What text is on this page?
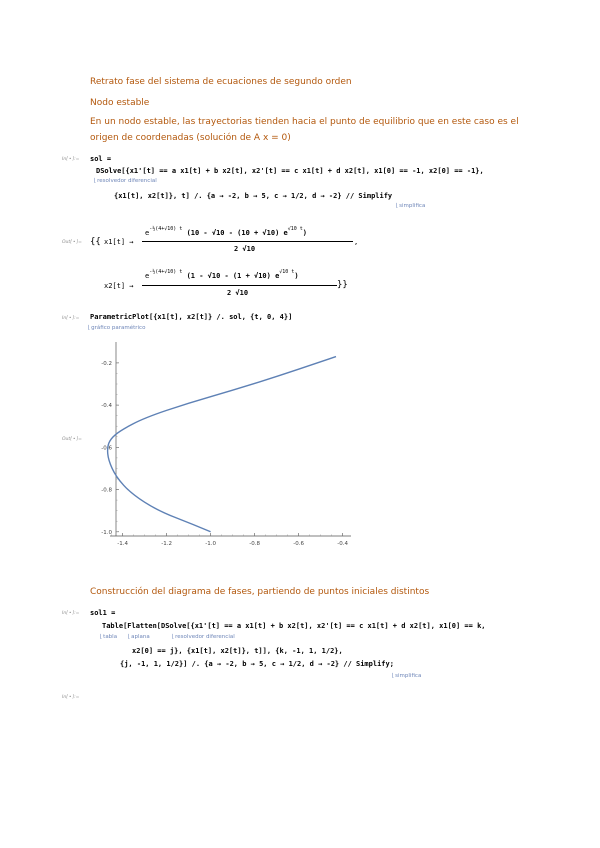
Retrato fase del sistema de ecuaciones de segundo orden
Nodo estable
En un nodo estable, las trayectorias tienden hacia el punto de equilibrio que en este caso es el
origen de coordenadas (solución de A x = 0)
In[ • ]:= sol =
DSolve[{x1'[t] == a x1[t] + b x2[t], x2'[t] == c x1[t] + d x2[t], x1[0] == -1, x2[0] == -1},
⌊ resolvedor diferencial
{x1[t], x2[t]}, t] /. {a → -2, b → 5, c → 1/2, d → -2} // Simplify
⌊ simplifica
Out[ • ]= {{ x1[t] →
$e^{-\frac{1}{2}(4+√10) t}$ (10 - √10 - (10 + √10) $e^{√10 t}$)
2 √10
,
x2[t] →
$e^{-\frac{1}{2}(4+√10) t}$ (1 - √10 - (1 + √10) $e^{√10 t}$)
2 √10
}}
In[ • ]:= ParametricPlot[{x1[t], x2[t]} /. sol, {t, 0, 4}]
⌊ gráfico paramétrico
Out[ • ]=
-1.4	-1.2	-1.0	-0.8	-0.6	-0.4
-0.2
-0.4
-0.6
-0.8
-1.0
Construcción del diagrama de fases, partiendo de puntos iniciales distintos
In[ • ]:= sol1 =
Table[Flatten[DSolve[{x1'[t] == a x1[t] + b x2[t], x2'[t] == c x1[t] + d x2[t], x1[0] == k,
⌊ tabla	⌊ aplana	⌊ resolvedor diferencial
x2[0] == j}, {x1[t], x2[t]}, t]], {k, -1, 1, 1/2},
{j, -1, 1, 1/2}] /. {a → -2, b → 5, c → 1/2, d → -2} // Simplify;
⌊ simplifica
In[ • ]:=
